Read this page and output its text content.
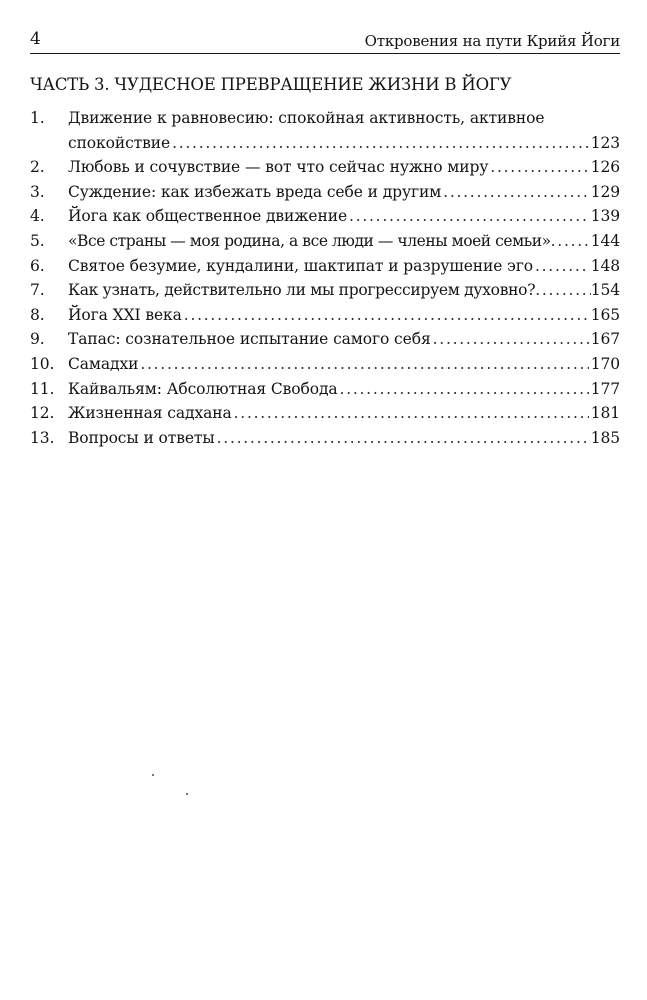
4	Откровения на пути Крийя Йоги
ЧАСТЬ 3. ЧУДЕСНОЕ ПРЕВРАЩЕНИЕ ЖИЗНИ В ЙОГУ
1.	Движение к равновесию: спокойная активность, активное
спокойствие . . .	123
2.	Любовь и сочувствие — вот что сейчас нужно миру . . .	126
3.	Суждение: как избежать вреда себе и другим . . .	129
4.	Йога как общественное движение . . .	139
5.	«Все страны — моя родина, а все люди — члены моей семьи» . . .	144
6.	Святое безумие, кундалини, шактипат и разрушение эго . . .	148
7.	Как узнать, действительно ли мы прогрессируем духовно? . . .	154
8.	Йога XXI века . . .	165
9.	Тапас: сознательное испытание самого себя . . .	167
10. Самадхи . . .	170
11. Кайвальям: Абсолютная Свобода . . .	177
12. Жизненная садхана . . .	181
13. Вопросы и ответы . . .	185
